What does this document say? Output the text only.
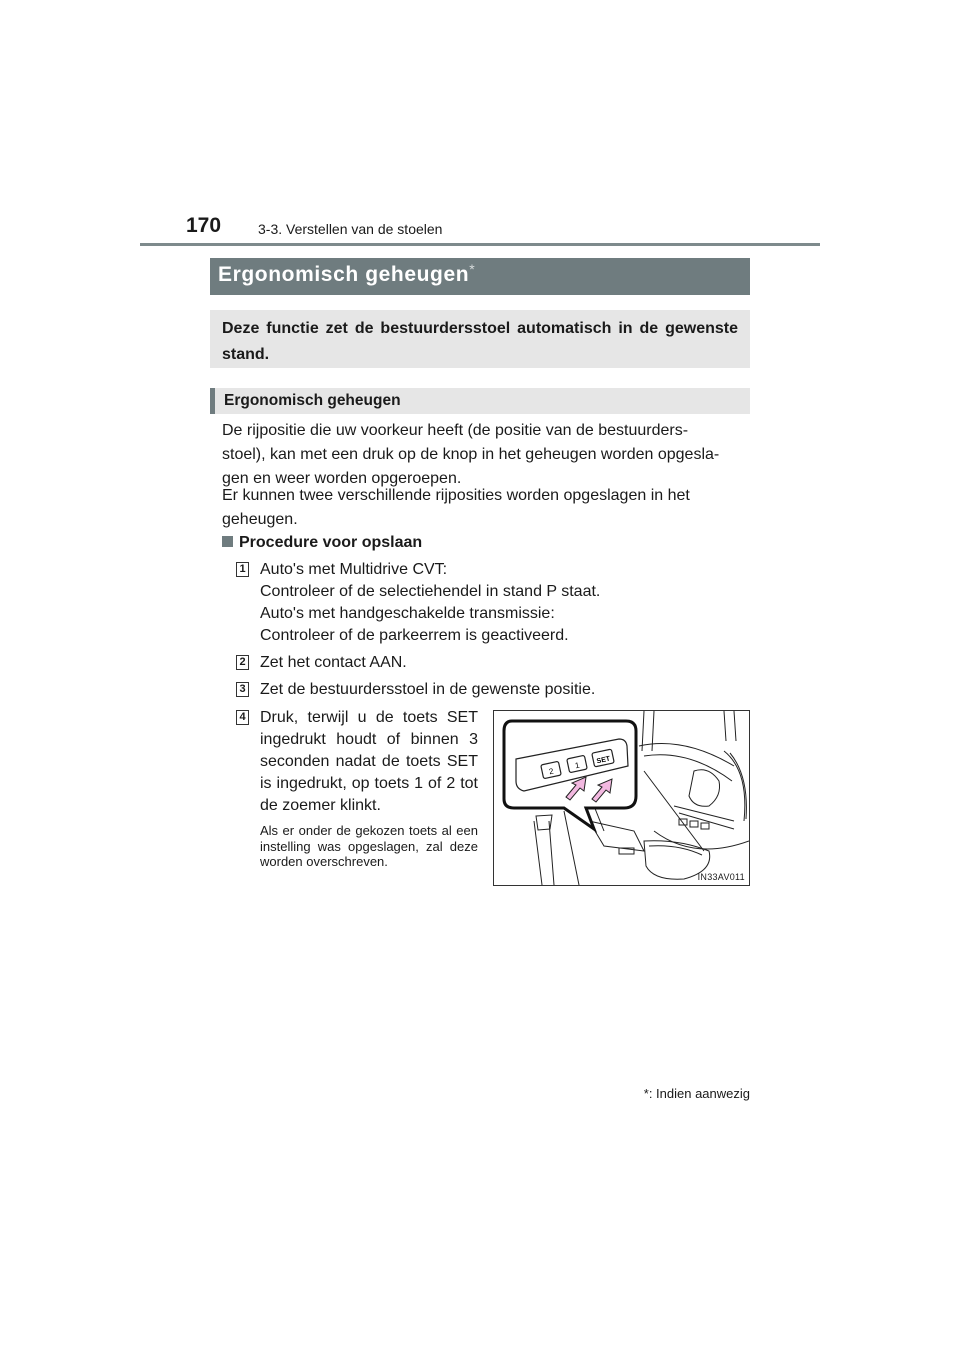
170	3-3. Verstellen van de stoelen
Ergonomisch geheugen*
Deze functie zet de bestuurdersstoel automatisch in de gewenste stand.
Ergonomisch geheugen
De rijpositie die uw voorkeur heeft (de positie van de bestuurders-
stoel), kan met een druk op de knop in het geheugen worden opgesla-
gen en weer worden opgeroepen.
Er kunnen twee verschillende rijposities worden opgeslagen in het
geheugen.
Procedure voor opslaan
1 Auto's met Multidrive CVT:
Controleer of de selectiehendel in stand P staat.
Auto's met handgeschakelde transmissie:
Controleer of de parkeerrem is geactiveerd.
2 Zet het contact AAN.
3 Zet de bestuurdersstoel in de gewenste positie.
4 Druk, terwijl u de toets SET ingedrukt houdt of binnen 3 seconden nadat de toets SET is ingedrukt, op toets 1 of 2 tot de zoemer klinkt.
Als er onder de gekozen toets al een instelling was opgeslagen, zal deze worden overschreven.
2
1
SET
IN33AV011
*: Indien aanwezig
